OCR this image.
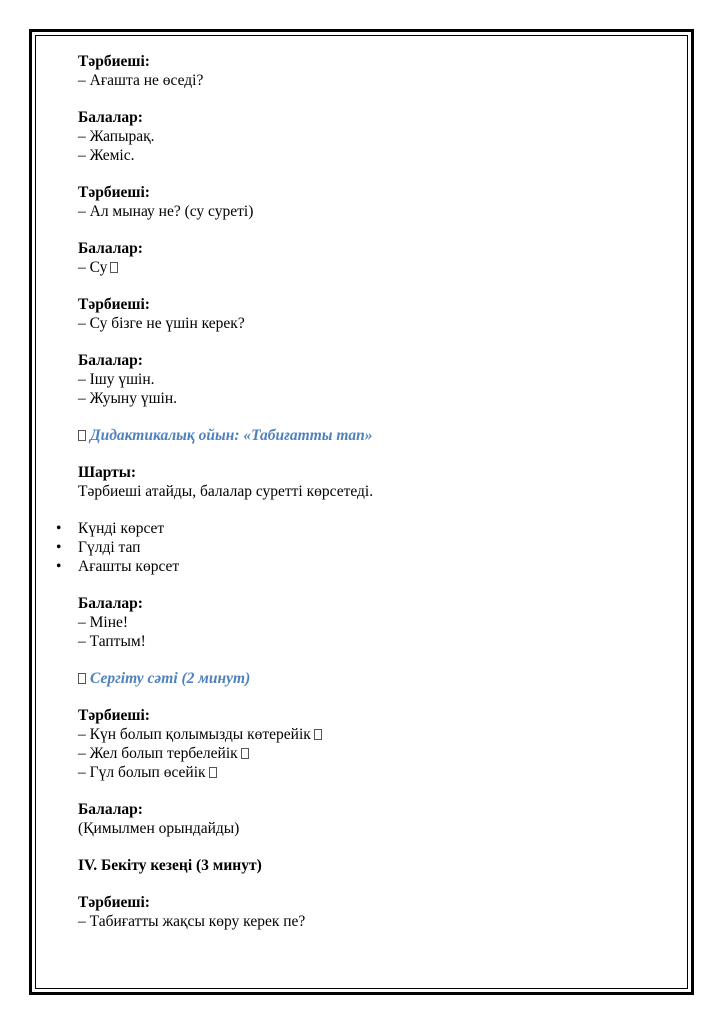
Тәрбиеші:
– Ағашта не өседі?
Балалар:
– Жапырақ.
– Жеміс.
Тәрбиеші:
– Ал мынау не? (су суреті)
Балалар:
– Су
Тәрбиеші:
– Су бізге не үшін керек?
Балалар:
– Ішу үшін.
– Жуыну үшін.
Дидактикалық ойын: «Табиғатты тап»
Шарты:
Тәрбиеші атайды, балалар суретті көрсетеді.
• Күнді көрсет
• Гүлді тап
• Ағашты көрсет
Балалар:
– Міне!
– Таптым!
Сергіту сәті (2 минут)
Тәрбиеші:
– Күн болып қолымызды көтерейік
– Жел болып тербелейік
– Гүл болып өсейік
Балалар:
(Қимылмен орындайды)
IV. Бекіту кезеңі (3 минут)
Тәрбиеші:
– Табиғатты жақсы көру керек пе?
